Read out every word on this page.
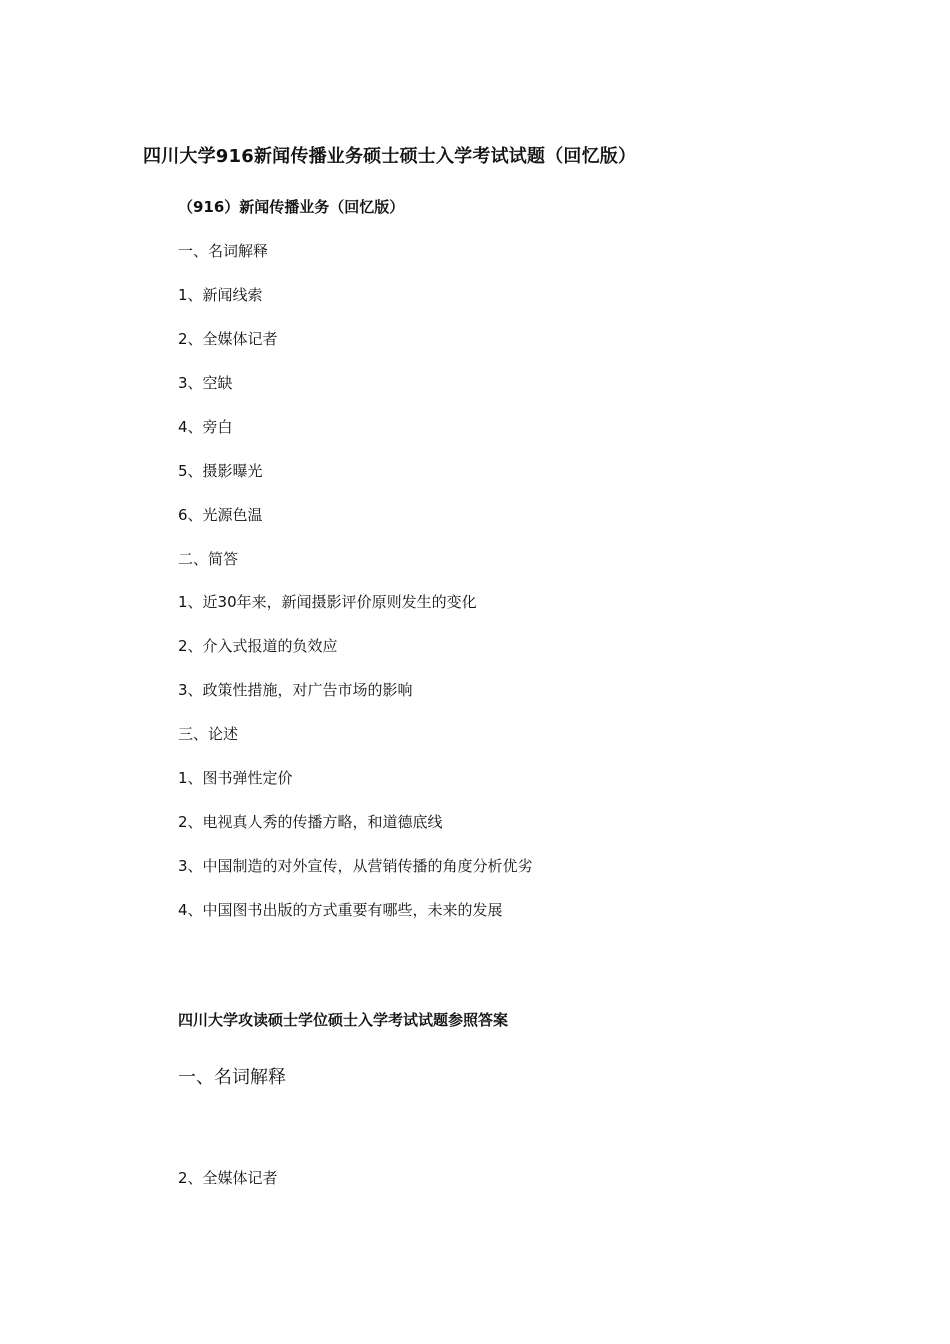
四川大学916新闻传播业务硕士硕士入学考试试题（回忆版）
（916）新闻传播业务（回忆版）
一、名词解释
1、新闻线索
2、全媒体记者
3、空缺
4、旁白
5、摄影曝光
6、光源色温
二、简答
1、近30年来，新闻摄影评价原则发生的变化
2、介入式报道的负效应
3、政策性措施，对广告市场的影响
三、论述
1、图书弹性定价
2、电视真人秀的传播方略，和道德底线
3、中国制造的对外宣传，从营销传播的角度分析优劣
4、中国图书出版的方式重要有哪些，未来的发展
四川大学攻读硕士学位硕士入学考试试题参照答案
一、名词解释
2、全媒体记者
